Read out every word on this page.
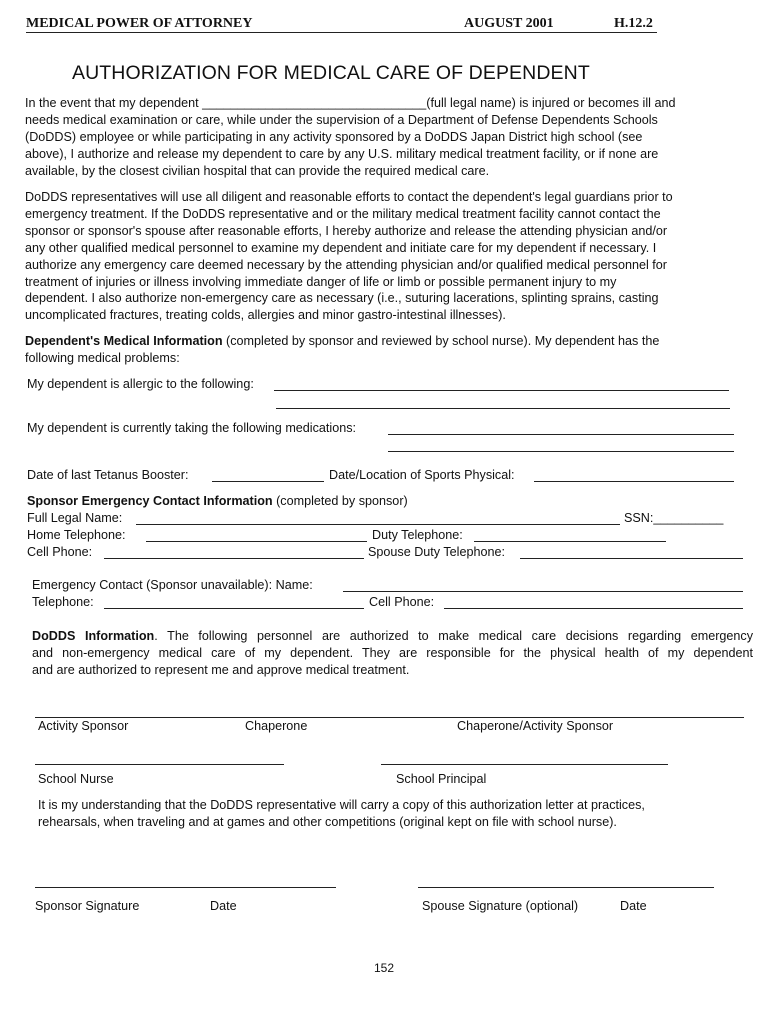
MEDICAL POWER OF ATTORNEY	AUGUST 2001	H.12.2
AUTHORIZATION FOR MEDICAL CARE OF DEPENDENT
In the event that my dependent ________________________________(full legal name) is injured or becomes ill and
needs medical examination or care, while under the supervision of a Department of Defense Dependents Schools
(DoDDS) employee or while participating in any activity sponsored by a DoDDS Japan District high school (see
above), I authorize and release my dependent to care by any U.S. military medical treatment facility, or if none are
available, by the closest civilian hospital that can provide the required medical care.
DoDDS representatives will use all diligent and reasonable efforts to contact the dependent's legal guardians prior to
emergency treatment. If the DoDDS representative and or the military medical treatment facility cannot contact the
sponsor or sponsor's spouse after reasonable efforts, I hereby authorize and release the attending physician and/or
any other qualified medical personnel to examine my dependent and initiate care for my dependent if necessary. I
authorize any emergency care deemed necessary by the attending physician and/or qualified medical personnel for
treatment of injuries or illness involving immediate danger of life or limb or possible permanent injury to my
dependent. I also authorize non-emergency care as necessary (i.e., suturing lacerations, splinting sprains, casting
uncomplicated fractures, treating colds, allergies and minor gastro-intestinal illnesses).
Dependent's Medical Information (completed by sponsor and reviewed by school nurse). My dependent has the
following medical problems:
My dependent is allergic to the following:
My dependent is currently taking the following medications:
Date of last Tetanus Booster:	Date/Location of Sports Physical:
Sponsor Emergency Contact Information (completed by sponsor)
Full Legal Name:	SSN:__________
Home Telephone:	Duty Telephone:
Cell Phone:	Spouse Duty Telephone:
Emergency Contact (Sponsor unavailable): Name:
Telephone:	Cell Phone:
DoDDS Information. The following personnel are authorized to make medical care decisions regarding emergency
and non-emergency medical care of my dependent. They are responsible for the physical health of my dependent
and are authorized to represent me and approve medical treatment.
Activity Sponsor	Chaperone	Chaperone/Activity Sponsor
School Nurse	School Principal
It is my understanding that the DoDDS representative will carry a copy of this authorization letter at practices,
rehearsals, when traveling and at games and other competitions (original kept on file with school nurse).
Sponsor Signature	Date	Spouse Signature (optional)	Date
152
